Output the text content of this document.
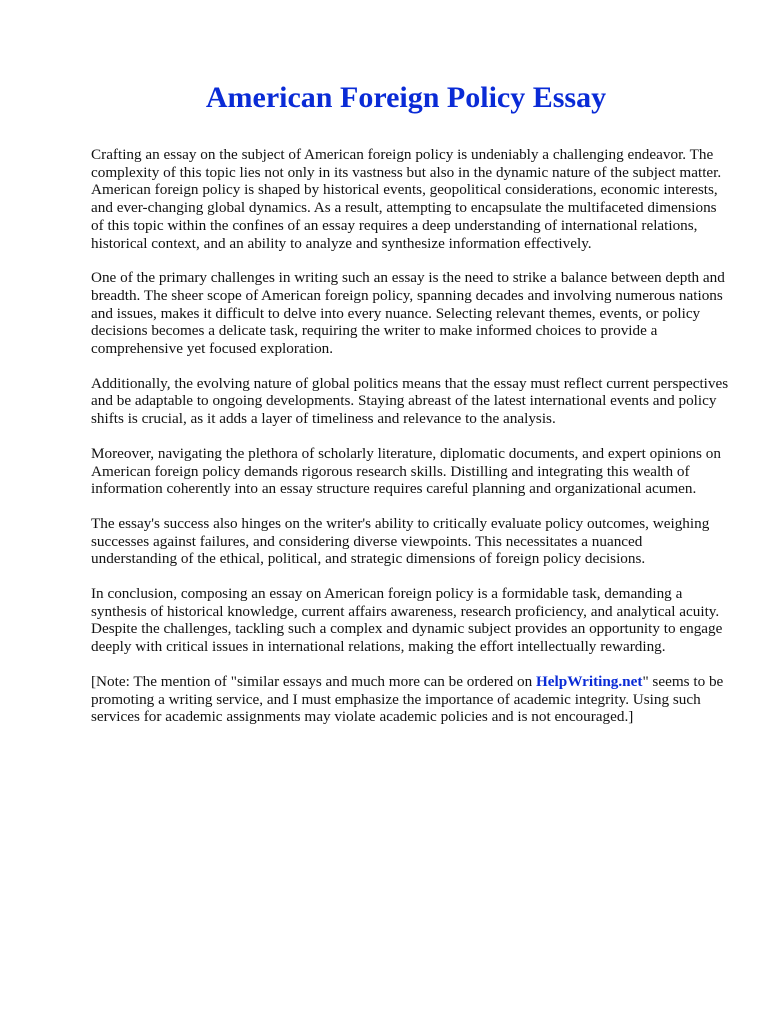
American Foreign Policy Essay

Crafting an essay on the subject of American foreign policy is undeniably a challenging endeavor. The complexity of this topic lies not only in its vastness but also in the dynamic nature of the subject matter. American foreign policy is shaped by historical events, geopolitical considerations, economic interests, and ever-changing global dynamics. As a result, attempting to encapsulate the multifaceted dimensions of this topic within the confines of an essay requires a deep understanding of international relations, historical context, and an ability to analyze and synthesize information effectively.

One of the primary challenges in writing such an essay is the need to strike a balance between depth and breadth. The sheer scope of American foreign policy, spanning decades and involving numerous nations and issues, makes it difficult to delve into every nuance. Selecting relevant themes, events, or policy decisions becomes a delicate task, requiring the writer to make informed choices to provide a comprehensive yet focused exploration.

Additionally, the evolving nature of global politics means that the essay must reflect current perspectives and be adaptable to ongoing developments. Staying abreast of the latest international events and policy shifts is crucial, as it adds a layer of timeliness and relevance to the analysis.

Moreover, navigating the plethora of scholarly literature, diplomatic documents, and expert opinions on American foreign policy demands rigorous research skills. Distilling and integrating this wealth of information coherently into an essay structure requires careful planning and organizational acumen.

The essay's success also hinges on the writer's ability to critically evaluate policy outcomes, weighing successes against failures, and considering diverse viewpoints. This necessitates a nuanced understanding of the ethical, political, and strategic dimensions of foreign policy decisions.

In conclusion, composing an essay on American foreign policy is a formidable task, demanding a synthesis of historical knowledge, current affairs awareness, research proficiency, and analytical acuity. Despite the challenges, tackling such a complex and dynamic subject provides an opportunity to engage deeply with critical issues in international relations, making the effort intellectually rewarding.

[Note: The mention of "similar essays and much more can be ordered on HelpWriting.net" seems to be promoting a writing service, and I must emphasize the importance of academic integrity. Using such services for academic assignments may violate academic policies and is not encouraged.]
